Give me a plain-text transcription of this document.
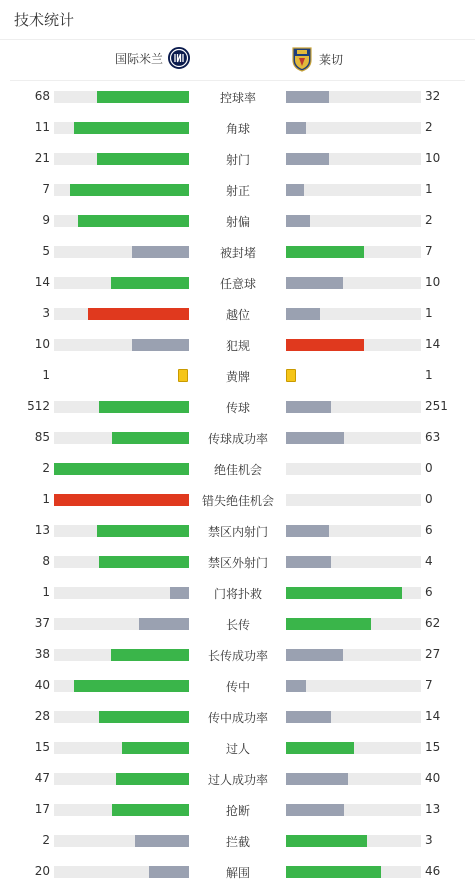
技术统计
国际米兰	莱切
68	控球率	32
11	角球	2
21	射门	10
7	射正	1
9	射偏	2
5	被封堵	7
14	任意球	10
3	越位	1
10	犯规	14
1	黄牌	1
512	传球	251
85	传球成功率	63
2	绝佳机会	0
1	错失绝佳机会	0
13	禁区内射门	6
8	禁区外射门	4
1	门将扑救	6
37	长传	62
38	长传成功率	27
40	传中	7
28	传中成功率	14
15	过人	15
47	过人成功率	40
17	抢断	13
2	拦截	3
20	解围	46
